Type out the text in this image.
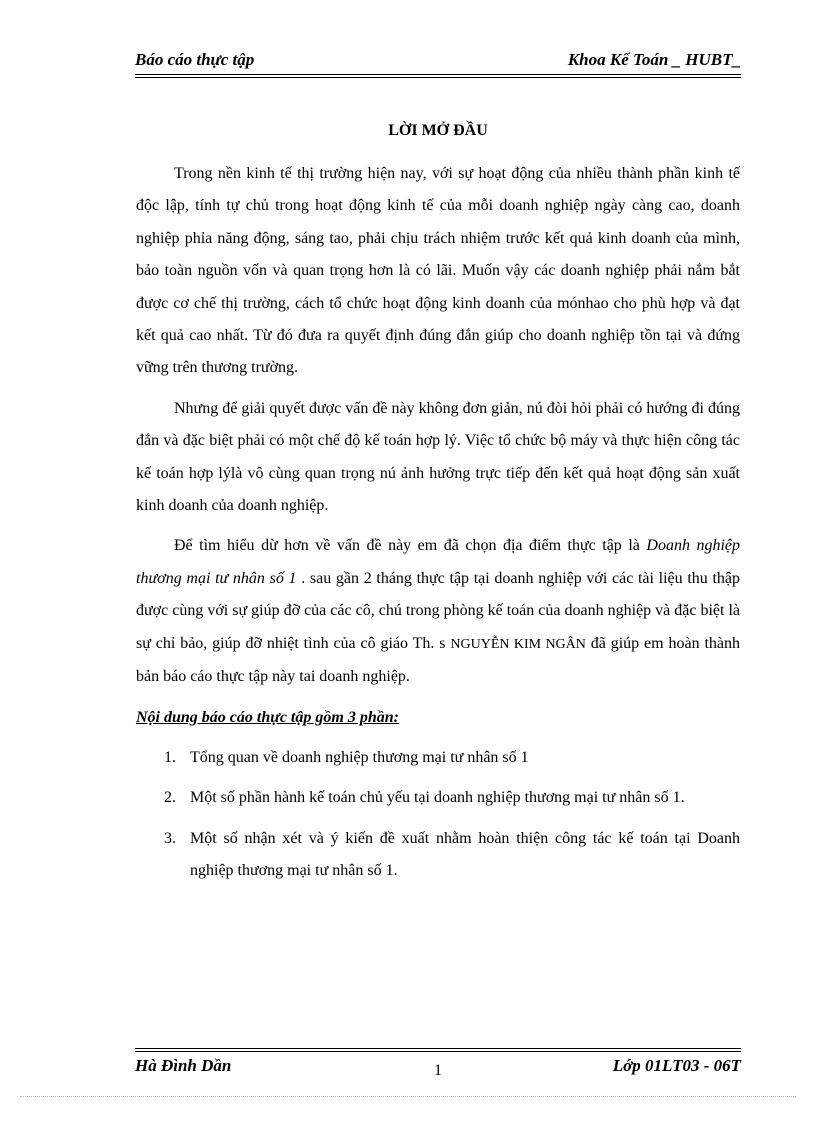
Báo cáo thực tập	Khoa Kế Toán _ HUBT_
LỜI MỞ ĐẦU

Trong nền kinh tế thị trường hiện nay, với sự hoạt động của nhiều thành phần kinh tế độc lập, tính tự chủ trong hoạt động kinh tế của mỗi doanh nghiệp ngày càng cao, doanh nghiệp phỉa năng động, sáng tao, phải chịu trách nhiệm trước kết quả kinh doanh của mình, bảo toàn nguồn vốn và quan trọng hơn là có lãi. Muốn vậy các doanh nghiệp phải nắm bắt được cơ chế thị trường, cách tổ chức hoạt động kinh doanh của mónhao cho phù hợp và đạt kết quả cao nhất. Từ đó đưa ra quyết định đúng đắn giúp cho doanh nghiệp tồn tại và đứng vững trên thương trường.

Nhưng để giải quyết được vấn đề này không đơn giản, nú đòi hỏi phải có hướng đi đúng đắn và đặc biệt phải có một chế độ kế toán hợp lý. Việc tổ chức bộ máy và thực hiện công tác kế toán hợp lýlà vô cùng quan trọng nú ảnh hưởng trực tiếp đến kết quả hoạt động sản xuất kinh doanh của doanh nghiệp.

Để tìm hiểu dừ hơn về vấn đề này em đã chọn địa điểm thực tập là Doanh nghiệp thương mại tư nhân số 1 . sau gần 2 tháng thực tập tại doanh nghiệp với các tài liệu thu thập được cùng với sự giúp đỡ của các cô, chú trong phòng kế toán của doanh nghiệp và đặc biệt là sự chỉ bảo, giúp đỡ nhiệt tình của cô giáo Th. s NGUYỄN KIM NGÂN đã giúp em hoàn thành bản báo cáo thực tập này tai doanh nghiệp.

Nội dung báo cáo thực tập gồm 3 phần:

1. Tổng quan về doanh nghiệp thương mại tư nhân số 1
2. Một số phần hành kế toán chủ yếu tại doanh nghiệp thương mại tư nhân số 1.
3. Một số nhận xét và ý kiến đề xuất nhằm hoàn thiện công tác kế toán tại Doanh nghiệp thương mại tư nhân số 1.
Hà Đình Dần	1	Lớp 01LT03 - 06T
